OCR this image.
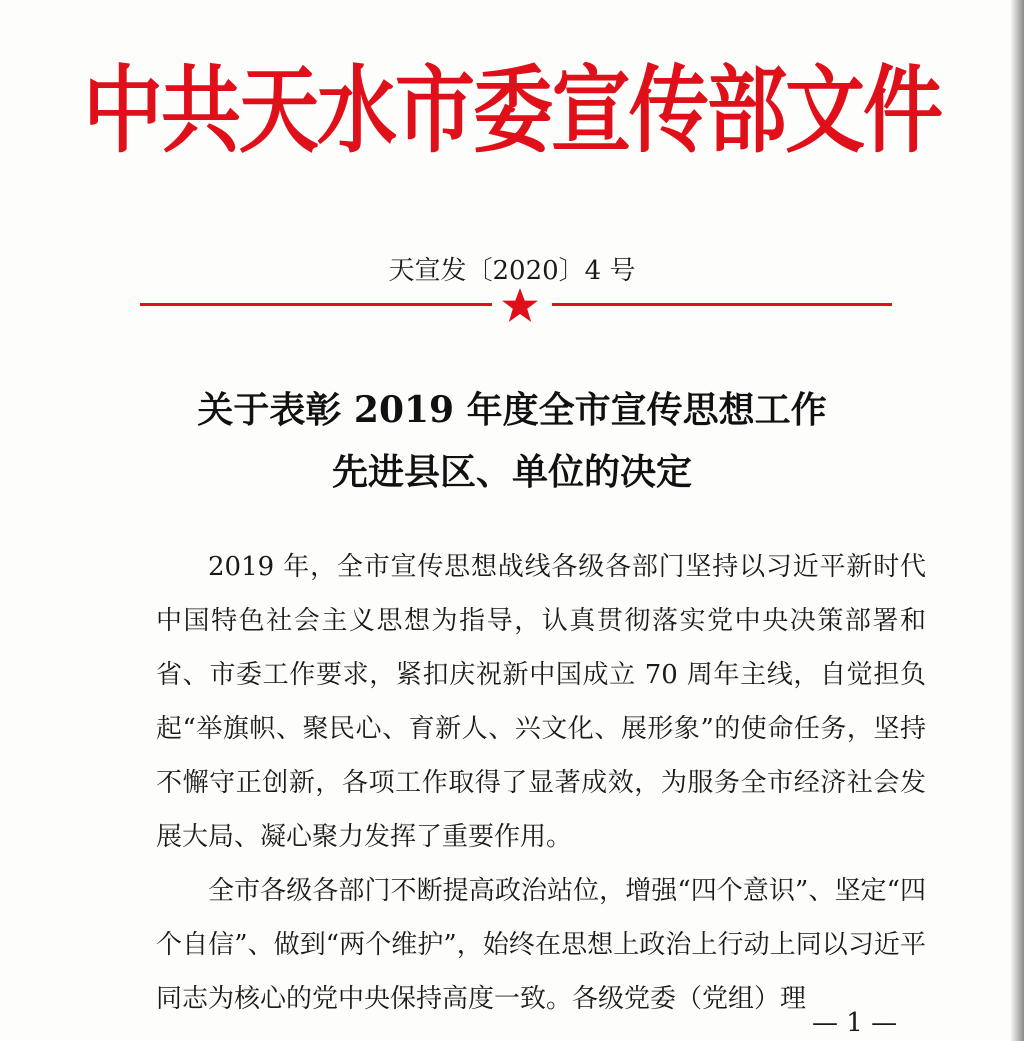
中共天水市委宣传部文件
天宣发〔2020〕4 号
关于表彰 2019 年度全市宣传思想工作
先进县区、单位的决定

2019 年，全市宣传思想战线各级各部门坚持以习近平新时代中国特色社会主义思想为指导，认真贯彻落实党中央决策部署和省、市委工作要求，紧扣庆祝新中国成立 70 周年主线，自觉担负起“举旗帜、聚民心、育新人、兴文化、展形象”的使命任务，坚持不懈守正创新，各项工作取得了显著成效，为服务全市经济社会发展大局、凝心聚力发挥了重要作用。

全市各级各部门不断提高政治站位，增强“四个意识”、坚定“四个自信”、做到“两个维护”，始终在思想上政治上行动上同以习近平同志为核心的党中央保持高度一致。各级党委（党组）理

— 1 —
